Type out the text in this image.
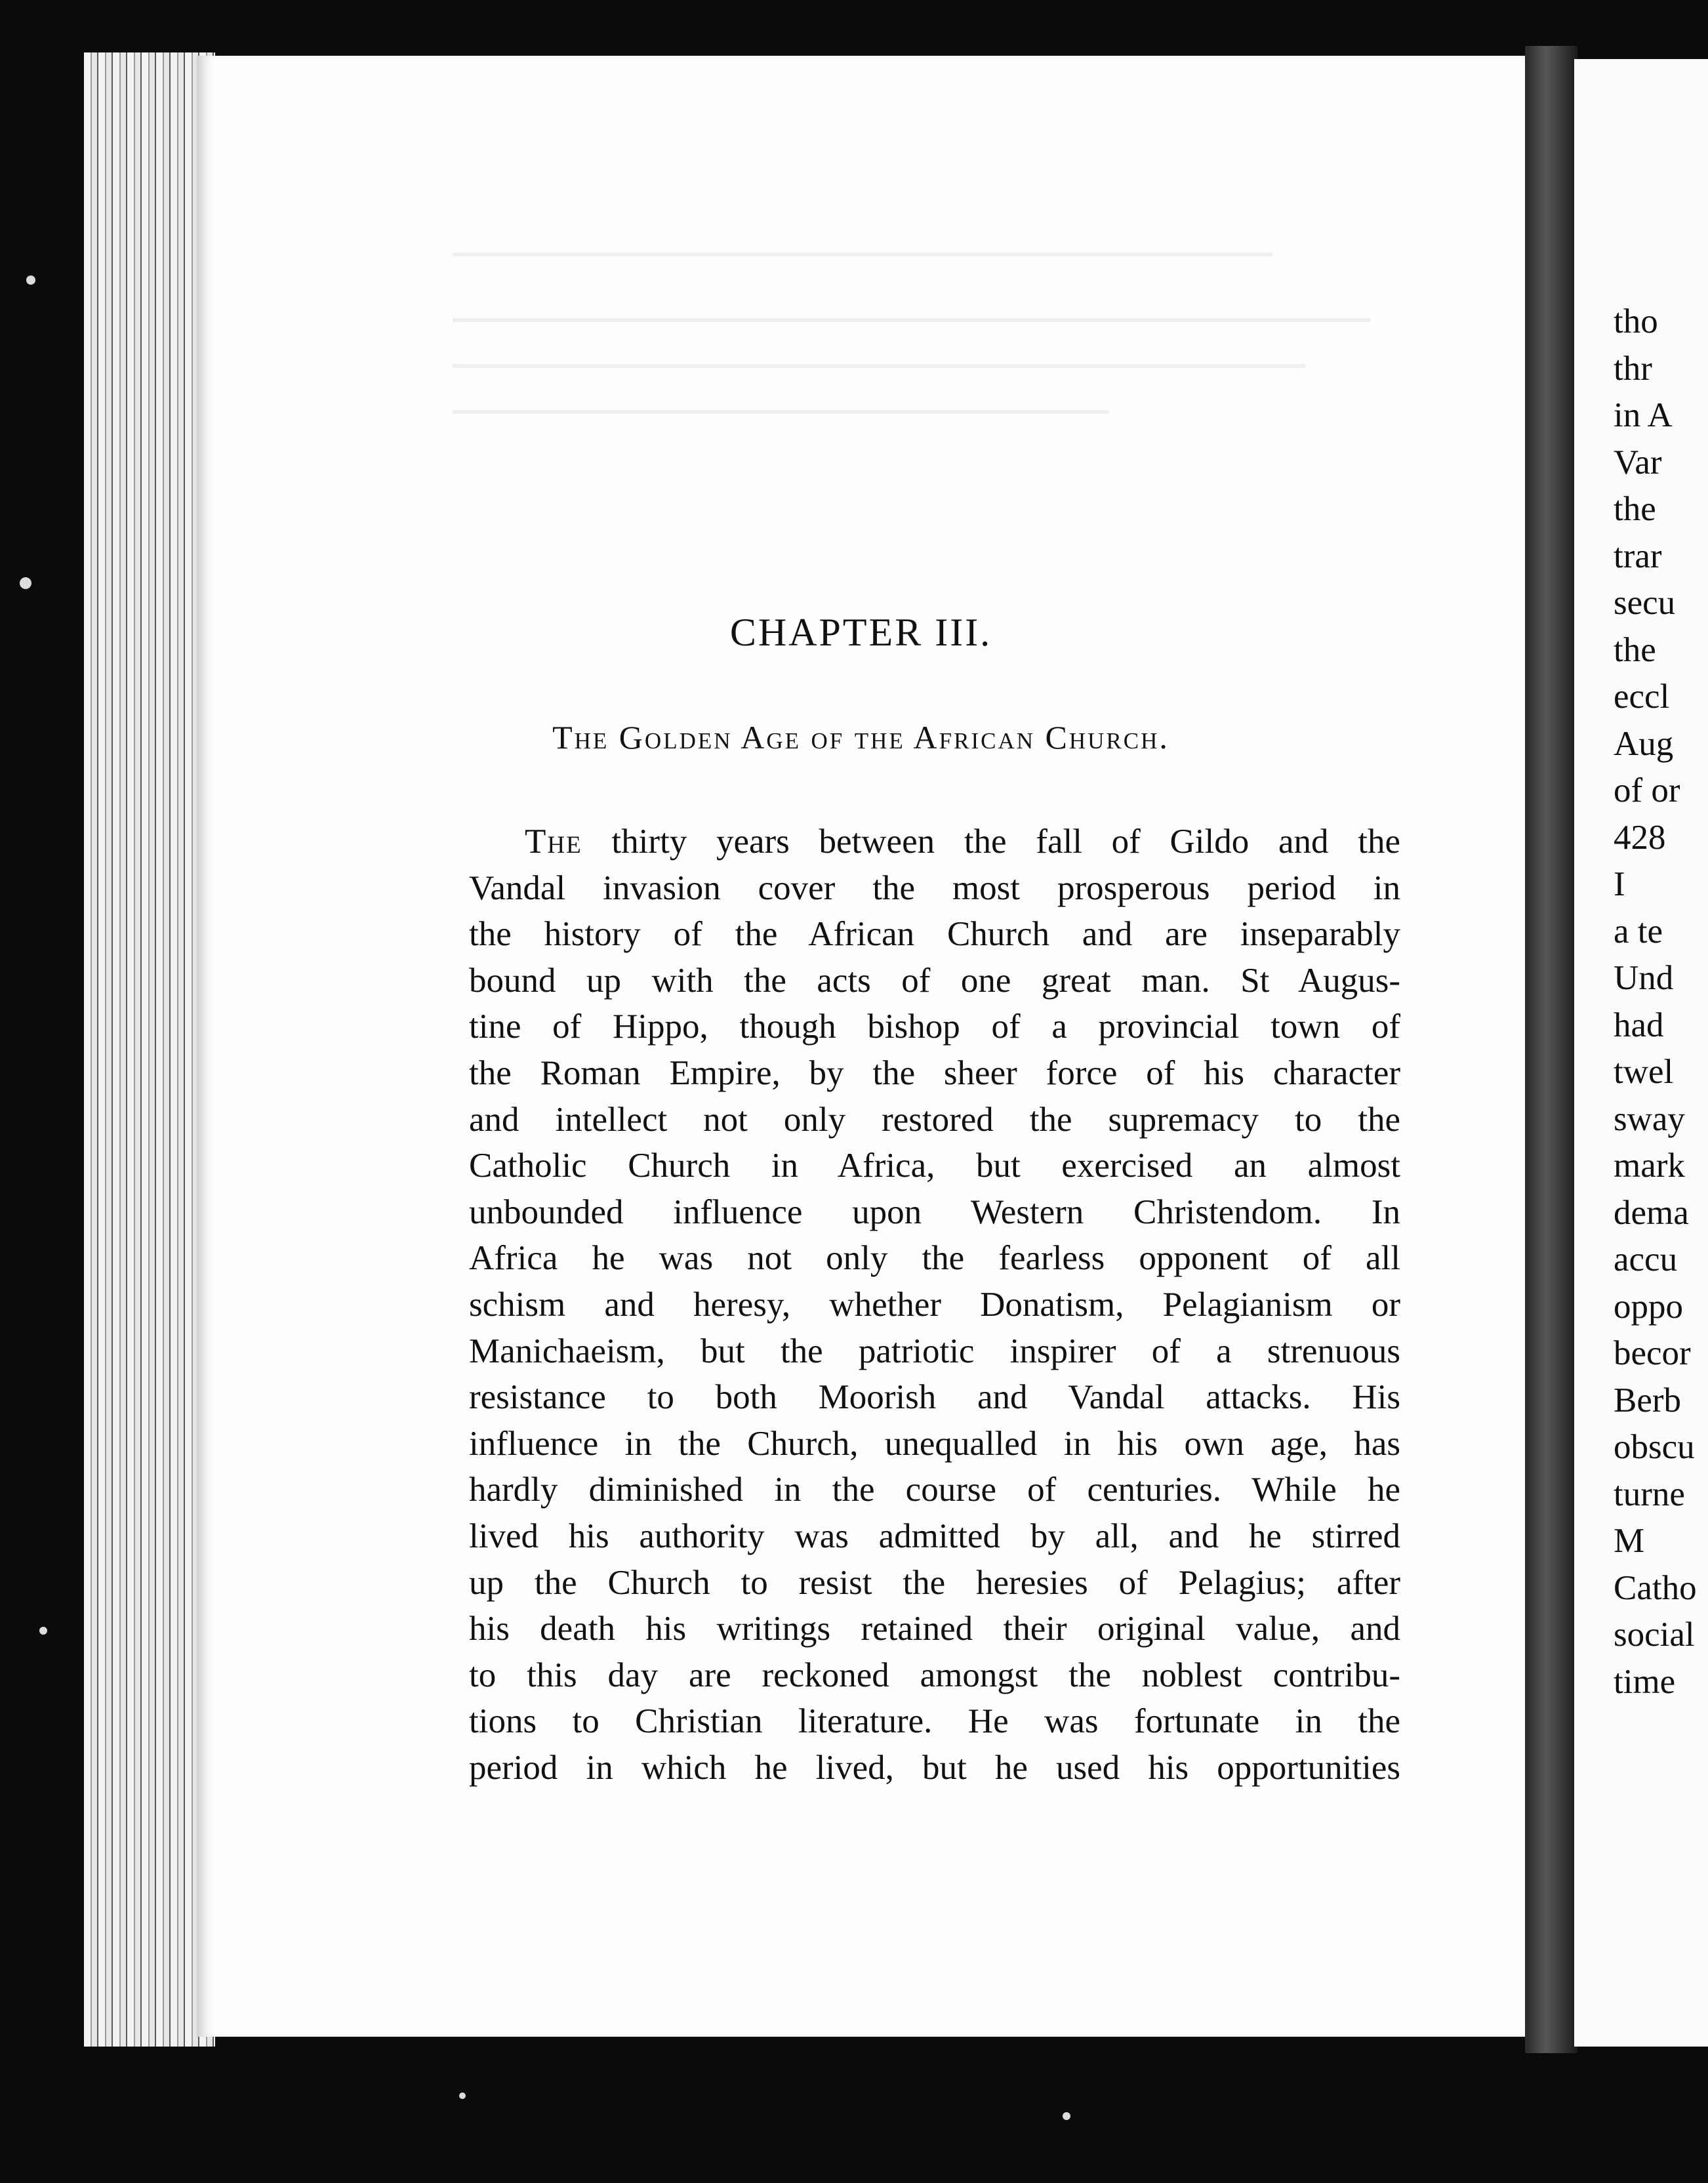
CHAPTER III.
The Golden Age of the African Church.
The thirty years between the fall of Gildo and the
Vandal invasion cover the most prosperous period in
the history of the African Church and are inseparably
bound up with the acts of one great man. St Augus-
tine of Hippo, though bishop of a provincial town of
the Roman Empire, by the sheer force of his character
and intellect not only restored the supremacy to the
Catholic Church in Africa, but exercised an almost
unbounded influence upon Western Christendom. In
Africa he was not only the fearless opponent of all
schism and heresy, whether Donatism, Pelagianism or
Manichaeism, but the patriotic inspirer of a strenuous
resistance to both Moorish and Vandal attacks. His
influence in the Church, unequalled in his own age, has
hardly diminished in the course of centuries. While he
lived his authority was admitted by all, and he stirred
up the Church to resist the heresies of Pelagius; after
his death his writings retained their original value, and
to this day are reckoned amongst the noblest contribu-
tions to Christian literature. He was fortunate in the
period in which he lived, but he used his opportunities
tho
thr
in A
Var
the
trar
secu
the
eccl
Aug
of or
428
I
a te
Und
had
twel
sway
mark
dema
accu
oppo
becor
Berb
obscu
turne
M
Catho
social
time
